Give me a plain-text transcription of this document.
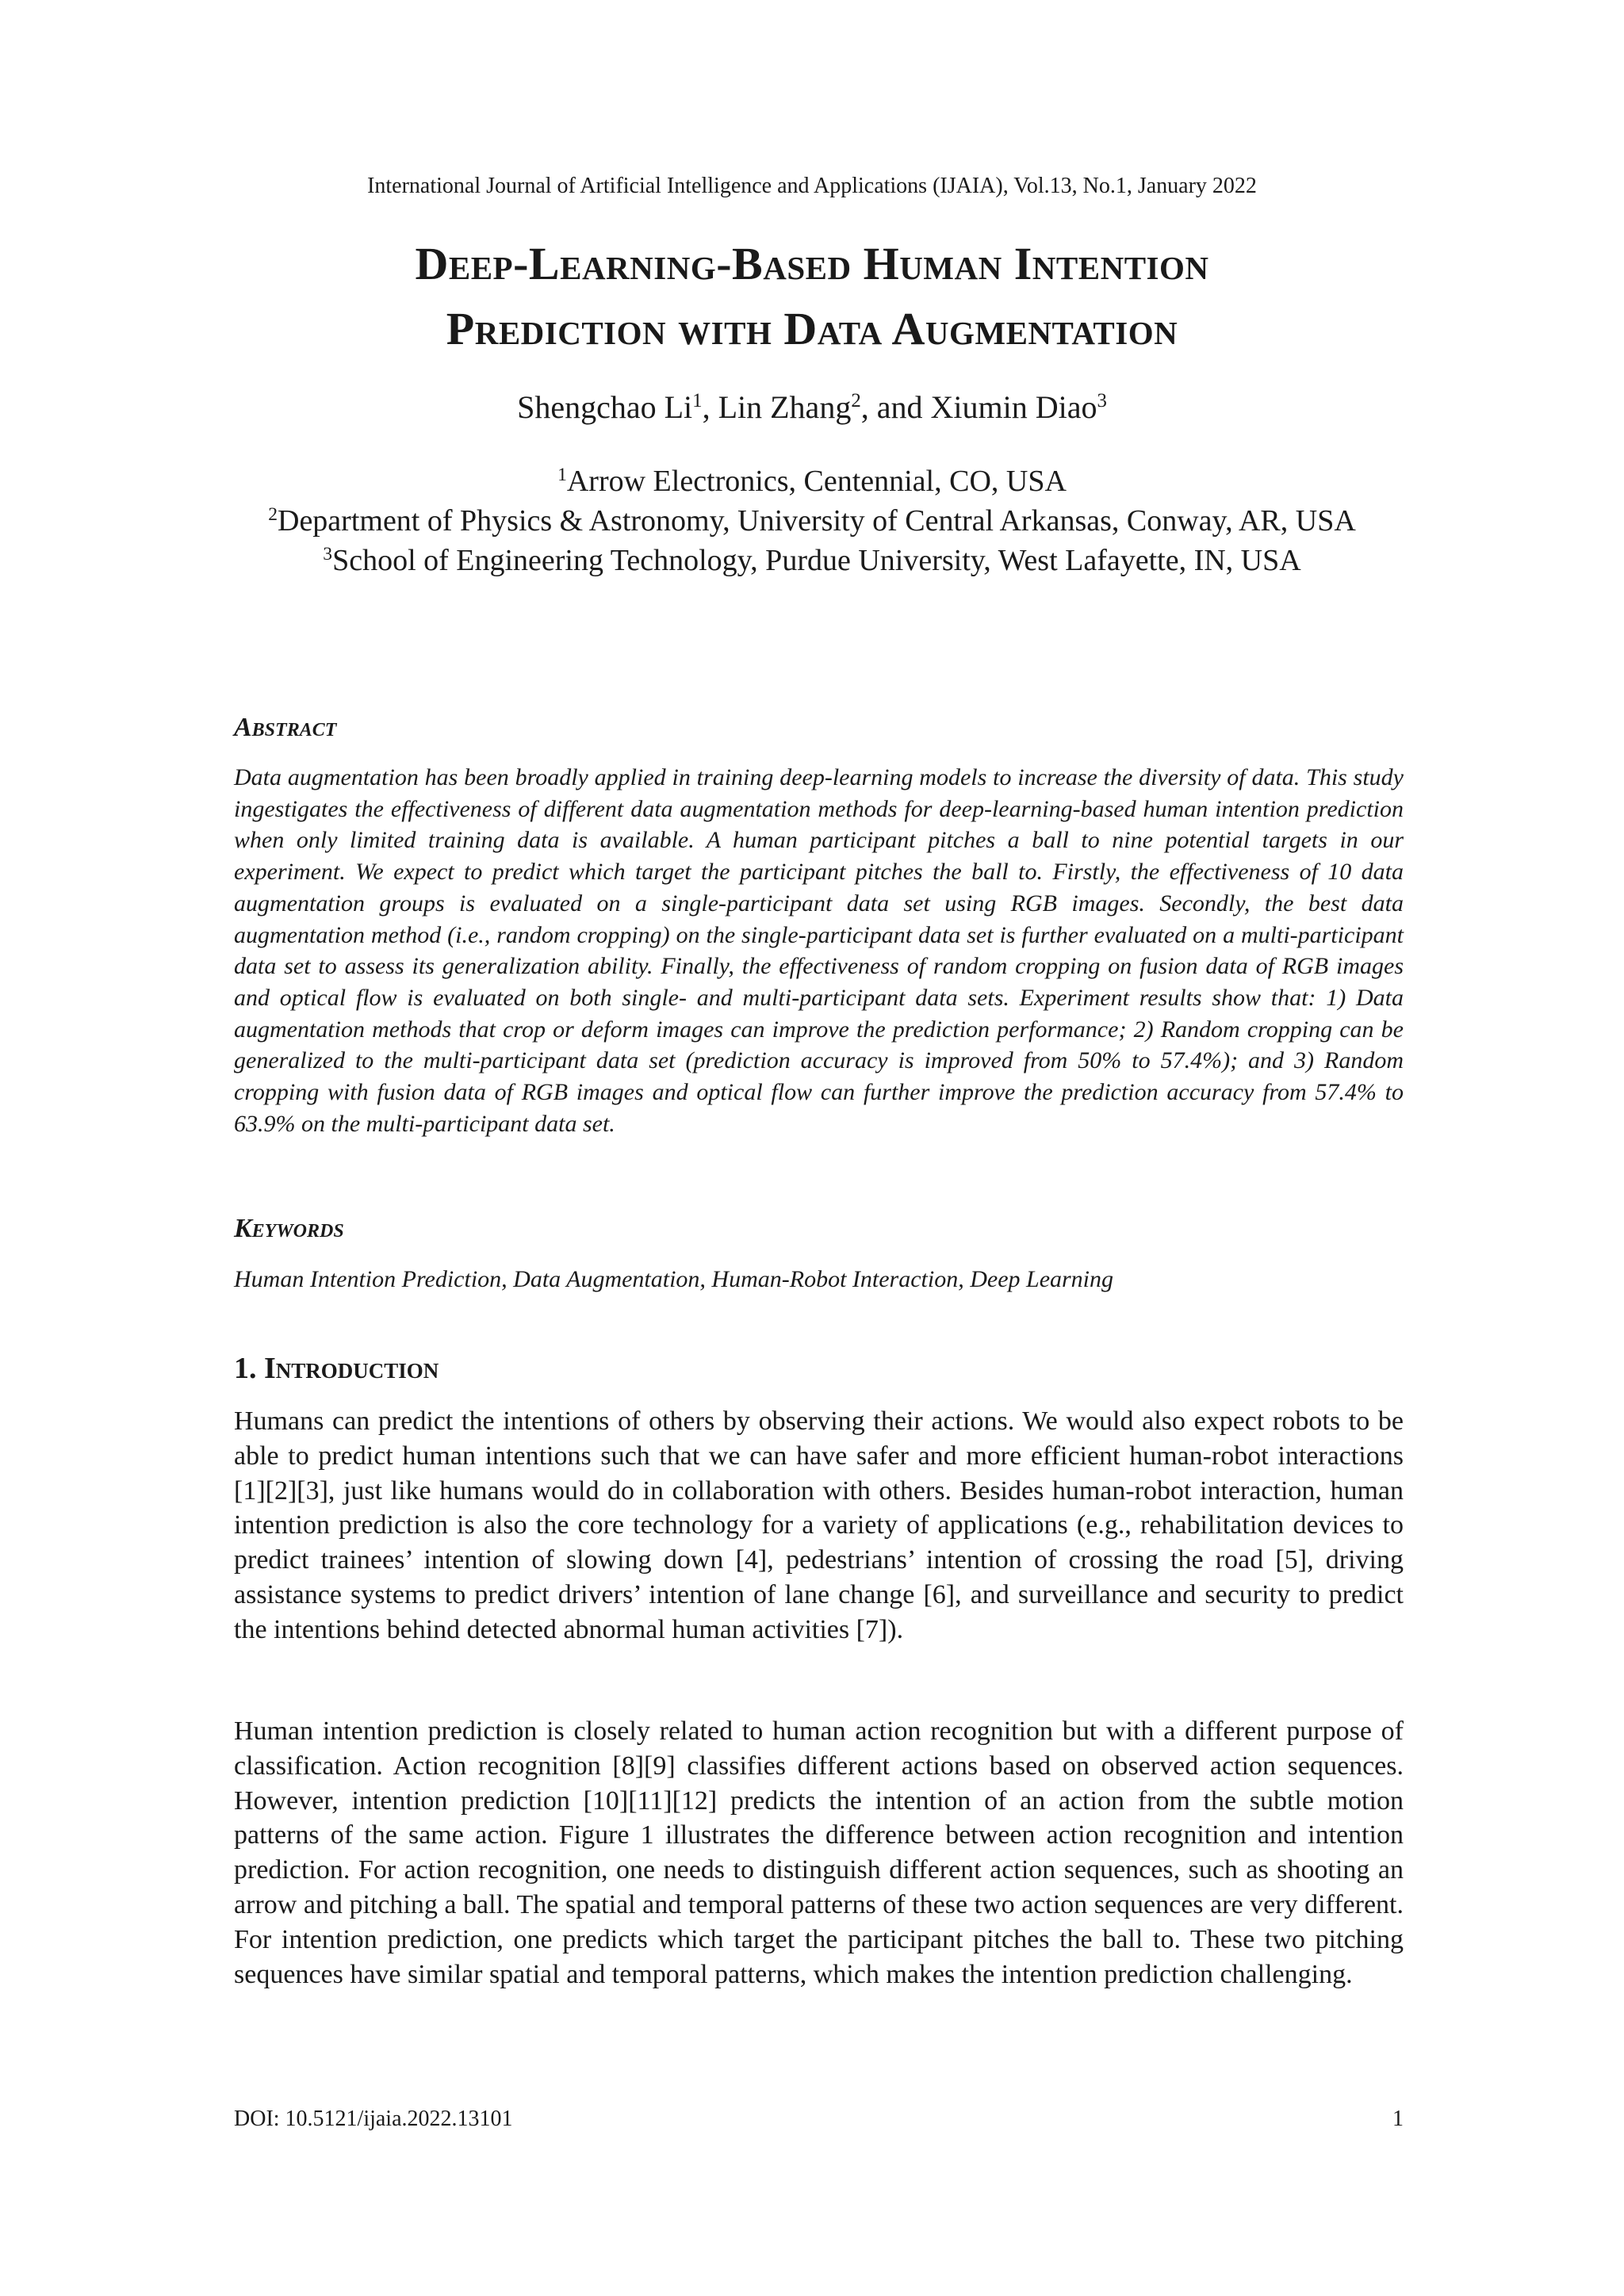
International Journal of Artificial Intelligence and Applications (IJAIA), Vol.13, No.1, January 2022
Deep-Learning-Based Human Intention
Prediction with Data Augmentation
Shengchao Li$^1$, Lin Zhang$^2$, and Xiumin Diao$^3$

$^1$Arrow Electronics, Centennial, CO, USA

$^2$Department of Physics & Astronomy, University of Central Arkansas, Conway, AR, USA

$^3$School of Engineering Technology, Purdue University, West Lafayette, IN, USA

Abstract

Data augmentation has been broadly applied in training deep-learning models to increase the diversity of data. This study ingestigates the effectiveness of different data augmentation methods for deep-learning-based human intention prediction when only limited training data is available. A human participant pitches a ball to nine potential targets in our experiment. We expect to predict which target the participant pitches the ball to. Firstly, the effectiveness of 10 data augmentation groups is evaluated on a single-participant data set using RGB images. Secondly, the best data augmentation method (i.e., random cropping) on the single-participant data set is further evaluated on a multi-participant data set to assess its generalization ability. Finally, the effectiveness of random cropping on fusion data of RGB images and optical flow is evaluated on both single- and multi-participant data sets. Experiment results show that: 1) Data augmentation methods that crop or deform images can improve the prediction performance; 2) Random cropping can be generalized to the multi-participant data set (prediction accuracy is improved from 50% to 57.4%); and 3) Random cropping with fusion data of RGB images and optical flow can further improve the prediction accuracy from 57.4% to 63.9% on the multi-participant data set.

Keywords

Human Intention Prediction, Data Augmentation, Human-Robot Interaction, Deep Learning

1. Introduction

Humans can predict the intentions of others by observing their actions. We would also expect robots to be able to predict human intentions such that we can have safer and more efficient human-robot interactions [1][2][3], just like humans would do in collaboration with others. Besides human-robot interaction, human intention prediction is also the core technology for a variety of applications (e.g., rehabilitation devices to predict trainees’ intention of slowing down [4], pedestrians’ intention of crossing the road [5], driving assistance systems to predict drivers’ intention of lane change [6], and surveillance and security to predict the intentions behind detected abnormal human activities [7]).

Human intention prediction is closely related to human action recognition but with a different purpose of classification. Action recognition [8][9] classifies different actions based on observed action sequences. However, intention prediction [10][11][12] predicts the intention of an action from the subtle motion patterns of the same action. Figure 1 illustrates the difference between action recognition and intention prediction. For action recognition, one needs to distinguish different action sequences, such as shooting an arrow and pitching a ball. The spatial and temporal patterns of these two action sequences are very different. For intention prediction, one predicts which target the participant pitches the ball to. These two pitching sequences have similar spatial and temporal patterns, which makes the intention prediction challenging.

DOI: 10.5121/ijaia.2022.13101	1
